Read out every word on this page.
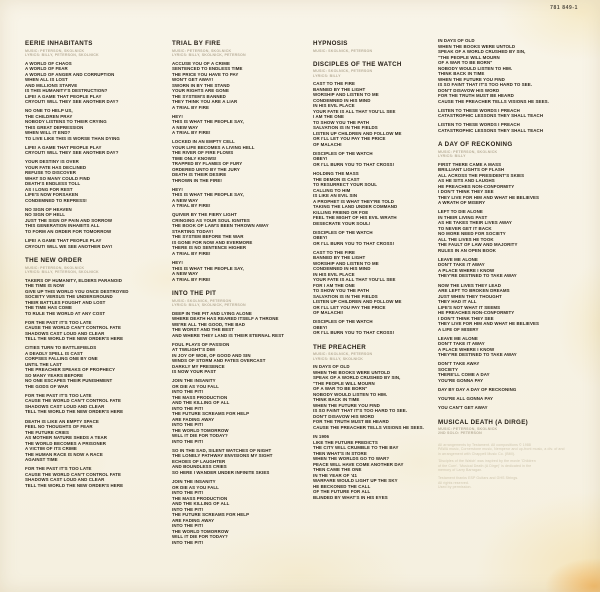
781 849-1
EERIE INHABITANTS
MUSIC: PETERSON, SKOLNICK
LYRICS: BILLY, PETERSON, SKOLNICK
A WORLD OF CHAOS
A WORLD OF FEAR
A WORLD OF ANGER AND CORRUPTION
WHEN ALL IS LOST
AND MILLIONS STARVE
IS THIS HUMANITY'S DESTRUCTION?
LIFE! A GAME THAT PEOPLE PLAY
CRYOUT! WILL THEY SEE ANOTHER DAY?
NO ONE TO HELP US,
THE CHILDREN PRAY
NOBODY LISTENS TO THEIR CRYING
THIS GREAT DEPRESSION
WHEN WILL IT END?
TO LIVE LIKE THIS IS WORSE THAN DYING
LIFE! A GAME THAT PEOPLE PLAY
CRYOUT! WILL THEY SEE ANOTHER DAY?
YOUR DESTINY IS OVER
YOUR FATE HAS DECLINED
REFUSE TO DISCOVER
WHAT SO MANY COULD FIND
DEATH'S ENDLESS TOLL
AS I LONG FOR REST
LIFE'S NOW FORSAKEN
CONDEMNED TO REPRESS!
NO SIGN OF HEAVEN
NO SIGN OF HELL
JUST THE SIGN OF PAIN AND SORROW
THIS GENERATION INHABITS ALL
TO FORM AN ORDER FOR TOMORROW
LIFE! A GAME THAT PEOPLE PLAY
CRYOUT! WILL WE SEE ANOTHER DAY!
THE NEW ORDER
MUSIC: PETERSON, SKOLNICK
LYRICS: BILLY, PETERSON, SKOLNICK
TAKERS OF HUMANITY, ELDERS PARANOID
THE TIME IS NOW
GIVE UP THIS WORLD YOU ONCE DESTROYED
SOCIETY VERSUS THE UNDERGROUND
THEIR BATTLES FOUGHT AND LOST
THE TIME HAS COME
TO RULE THE WORLD AT ANY COST
FOR THE PAST IT'S TOO LATE
CAUSE THE WORLD CAN'T CONTROL FATE
SHADOWS CAST LOUD AND CLEAR
TELL THE WORLD THE NEW ORDER'S HERE
CITIES TURN TO BATTLEFIELDS
A DEADLY SPELL IS CAST
CORPSES FALLING ONE BY ONE
UNTIL THE LAST
THE PREACHER SPEAKS OF PROPHECY
SO MANY YEARS BEFORE
NO ONE ESCAPES THEIR PUNISHMENT
THE GODS OF WAR
FOR THE PAST IT'S TOO LATE
CAUSE THE WORLD CAN'T CONTROL FATE
SHADOWS CAST LOUD AND CLEAR
TELL THE WORLD THE NEW ORDER'S HERE
DEATH IS LIKE AN EMPTY SPACE
FEEL NO THOUGHTS OF FEAR
THE FUTURE CRIES
AS MOTHER NATURE SHEDS A TEAR
THE WORLD BECOMES A PRISONER
A VICTIM OF ITS CRIME
THE HUMAN RACE IS NOW A RACE
AGAINST TIME
FOR THE PAST IT'S TOO LATE
CAUSE THE WORLD CAN'T CONTROL FATE
SHADOWS CAST LOUD AND CLEAR
TELL THE WORLD THE NEW ORDER'S HERE
TRIAL BY FIRE
MUSIC: PETERSON, SKOLNICK
LYRICS: BILLY, SKOLNICK, PETERSON
ACCUSE YOU OF A CRIME
SENTENCED TO ENDLESS TIME
THE PRICE YOU HAVE TO PAY
WON'T GET AWAY!
SWORN IN BY THE STAND
YOUR RIGHTS ARE GONE
THE SYSTEM'S BANNED
THEY THINK YOU ARE A LIAR
A TRIAL BY FIRE
HEY!
THIS IS WHAT THE PEOPLE SAY,
A NEW WAY
A TRIAL BY FIRE!
LOCKED IN AN EMPTY CELL
YOUR LIFE BECOMES A LIVING HELL
THE RIVER OF FIRE FLOWS
TIME ONLY KNOWS!
TRAPPED BY FLAMES OF FURY
ORDERED UNTO BY THE JURY
DEATH IS THEIR DESIRE
THROWN IN THE FIRE!
HEY!
THIS IS WHAT THE PEOPLE SAY,
A NEW WAY
A TRIAL BY FIRE!
QUIVER BY THE FIERY LIGHT
CRINGING AS YOUR SOUL IGNITES
THE BOOK OF LAW'S BEEN THROWN AWAY
STARTING TODAY!
THE SYSTEM BEFORE THE WAR
IS GONE FOR NOW AND EVERMORE
THERE IS NO SENTENCE HIGHER
A TRIAL BY FIRE!
HEY!
THIS IS WHAT THE PEOPLE SAY,
A NEW WAY
A TRIAL BY FIRE!
INTO THE PIT
MUSIC: SKOLNICK, PETERSON
LYRICS: BILLY, SKOLNICK, PETERSON
DEEP IN THE PIT AND LYING ALONE
WHERE DEATH HAS REARED ITSELF A THRONE
WE'RE ALL THE GOOD, THE BAD
THE WORST AND THE BEST
AND WHERE THEY LAND IS THEIR ETERNAL REST
FOUL PLAYS OF PASSION
AT TWILIGHT'S DIM
IN JOY OF WOE, OF GOOD AND SIN
WINDS OF STORM AND FATES OVERCAST
DARKLY MY PRESENCE
IS NOW YOUR PAST
JOIN THE INSANITY
OR DIE AS YOU FALL
INTO THE PIT!
THE MASS PRODUCTION
AND THE KILLING OF ALL
INTO THE PIT!
THE FUTURE SCREAMS FOR HELP
ARE FADING AWAY
INTO THE PIT!
THE WORLD TOMORROW
WILL IT DIE FOR TODAY?
INTO THE PIT!
SO IN THE SAD, SILENT WATCHES OF NIGHT
THE LONELY PATHWAY ENVISIONS MY SIGHT
ECHOES OF LAUGHTER
AND BOUNDLESS CRIES
SO HERE I WANDER UNDER INFINITE SKIES
JOIN THE INSANITY
OR DIE AS YOU FALL
INTO THE PIT!
THE MASS PRODUCTION
AND THE KILLING OF ALL
INTO THE PIT!
THE FUTURE SCREAMS FOR HELP
ARE FADING AWAY
INTO THE PIT!
THE WORLD TOMORROW
WILL IT DIE FOR TODAY?
INTO THE PIT!
HYPNOSIS
MUSIC: SKOLNICK, PETERSON
DISCIPLES OF THE WATCH
MUSIC: SKOLNICK, PETERSON
LYRICS: BILLY
CAST TO THE FIRE
BANNED BY THE LIGHT
WORSHIP AND LISTEN TO ME
CONDEMNED IN HIS MIND
IN HIS EVIL PLACE
YOUR FATE IS ALL THAT YOU'LL SEE
I AM THE ONE
TO SHOW YOU THE PATH
SALVATION IS IN THE FIELDS
LISTEN UP CHILDREN AND FOLLOW ME
OR I'LL LET YOU PAY THE PRICE
OF MALACHI
DISCIPLES OF THE WATCH
OBEY!
OR I'LL BURN YOU TO THAT CROSS!
HOLDING THE MASS
THE DEMON IS CAST
TO RESURRECT YOUR SOUL
CALLING TO HIM
IS LIKE AN EVIL SIN
A PROPHET IS WHAT THEY'RE TOLD
TAKING THE LAND UNDER COMMAND
KILLING FRIEND OR FOE
FEEL THE MIGHT OF HIS EVIL WRATH
DESECRATE YOUR SOUL!
DISCIPLES OF THE WATCH
OBEY!
OR I'LL BURN YOU TO THAT CROSS!
CAST TO THE FIRE
BANNED BY THE LIGHT
WORSHIP AND LISTEN TO ME
CONDEMNED IN HIS MIND
IN HIS EVIL PLACE
YOUR FATE IS ALL THAT YOU'LL SEE
FOR I AM THE ONE
TO SHOW YOU THE PATH
SALVATION IS IN THE FIELDS
LISTEN UP CHILDREN AND FOLLOW ME
OR I'LL LET YOU PAY THE PRICE
OF MALACHI!
DISCIPLES OF THE WATCH
OBEY!
OR I'LL BURN YOU TO THAT CROSS!
THE PREACHER
MUSIC: SKOLNICK, PETERSON
LYRICS: BILLY, SKOLNICK
IN DAYS OF OLD
WHEN THE BOOKS WERE UNTOLD
SPEAK OF A WORLD CRUSHED BY SIN,
"THE PEOPLE WILL MOURN
OF A WAR TO BE BORN"
NOBODY WOULD LISTEN TO HIM.
THINK BACK IN TIME
WHEN THE FUTURE YOU FIND
IS SO FAINT THAT IT'S TOO HARD TO SEE.
DON'T DISAVOW HIS WORD
FOR THE TRUTH MUST BE HEARD
CAUSE THE PREACHER TELLS VISIONS HE SEES.
IN 1906
LIKE THE FUTURE PREDICTS
THE CITY WILL CRUMBLE TO THE BAY
THEN WHAT'S IN STORE
WHEN THE WORLDS GO TO WAR?
PEACE WILL HAVE COME ANOTHER DAY
THEN CAME THE ONE
IN THE YEAR OF '41
WARFARE WOULD LIGHT UP THE SKY
HE BECKONED THE CALL
OF THE FUTURE FOR ALL
BLINDED BY WHAT'S IN HIS EYES
IN DAYS OF OLD
WHEN THE BOOKS WERE UNTOLD
SPEAK OF A WORLD CRUSHED BY SIN,
"THE PEOPLE WILL MOURN
OF A WAR TO BE BORN"
NOBODY WOULD LISTEN TO HIM.
THINK BACK IN TIME
WHEN THE FUTURE YOU FIND
IS SO FAINT THAT IT'S TOO HARD TO SEE.
DON'T DISAVOW HIS WORD
FOR THE TRUTH MUST BE HEARD
CAUSE THE PREACHER TELLS VISIONS HE SEES.
LISTEN TO THESE WORDS I PREACH
CATASTROPHIC LESSONS THEY SHALL TEACH
LISTEN TO THESE WORDS I PREACH
CATASTROPHIC LESSONS THEY SHALL TEACH
A DAY OF RECKONING
MUSIC: PETERSON, SKOLNICK
LYRICS: BILLY
FIRST THERE CAME A MASS
BRILLIANT LIGHTS OF FLASH
ALL ACROSS THE PRESIDENT'S SKIES
AS HE SITS AND LAUGHS
HE PREACHES NON-CONFORMITY
I DON'T THINK THEY SEE
THEY LIVE FOR HIM AND WHAT HE BELIEVES
A WRATH OF MISERY
LEFT TO DIE ALONE
IN THEIR LIVING PAST
AS HE TAKES THEIR LIVES AWAY
TO NEVER GET IT BACK
NO MORE NEED FOR SOCIETY
ALL THE LIVES HE TOOK
THE FAULT OF LAW AND MAJORITY
RULES IN AN OPEN BOOK
LEAVE ME ALONE
DON'T TAKE IT AWAY
A PLACE WHERE I KNOW
THEY'RE DESTINED TO TAKE AWAY
NOW THE LIVES THEY LEAD
ARE LEFT TO BROKEN DREAMS
JUST WHEN THEY THOUGHT
THEY HAD IT ALL
LIFE'S NOT WHAT IT SEEMS
HE PREACHES NON-CONFORMITY
I DON'T THINK THEY SEE
THEY LIVE FOR HIM AND WHAT HE BELIEVES
A LIFE OF MISERY
LEAVE ME ALONE
DON'T TAKE IT AWAY
A PLACE WHERE I KNOW
THEY'RE DESTINED TO TAKE AWAY
DON'T TAKE AWAY
SOCIETY
THERE'LL COME A DAY
YOU'RE GONNA PAY
DAY BY DAY A DAY OF RECKONING
YOU'RE ALL GONNA PAY
YOU CAN'T GET AWAY
MUSICAL DEATH (A DIRGE)
MUSIC: PETERSON, SKOLNICK
2ND SOLO: PETERSON
All arrangements by Testament. All compositions © 1988
PAWA music, Cornerstone music, Nemperor and up-front music, a div. of and
in arrangement with Chappell Music Co. (BMI).
'Disciples of the Watch' was inspired by the movie 'Children
of the Corn'. 'Musical Death (A Dirge)' is dedicated in the
memory of Larry Barragan.
Testament thanks ESP Guitars and GHS Strings.
All rights reserved.
Used by permission.
